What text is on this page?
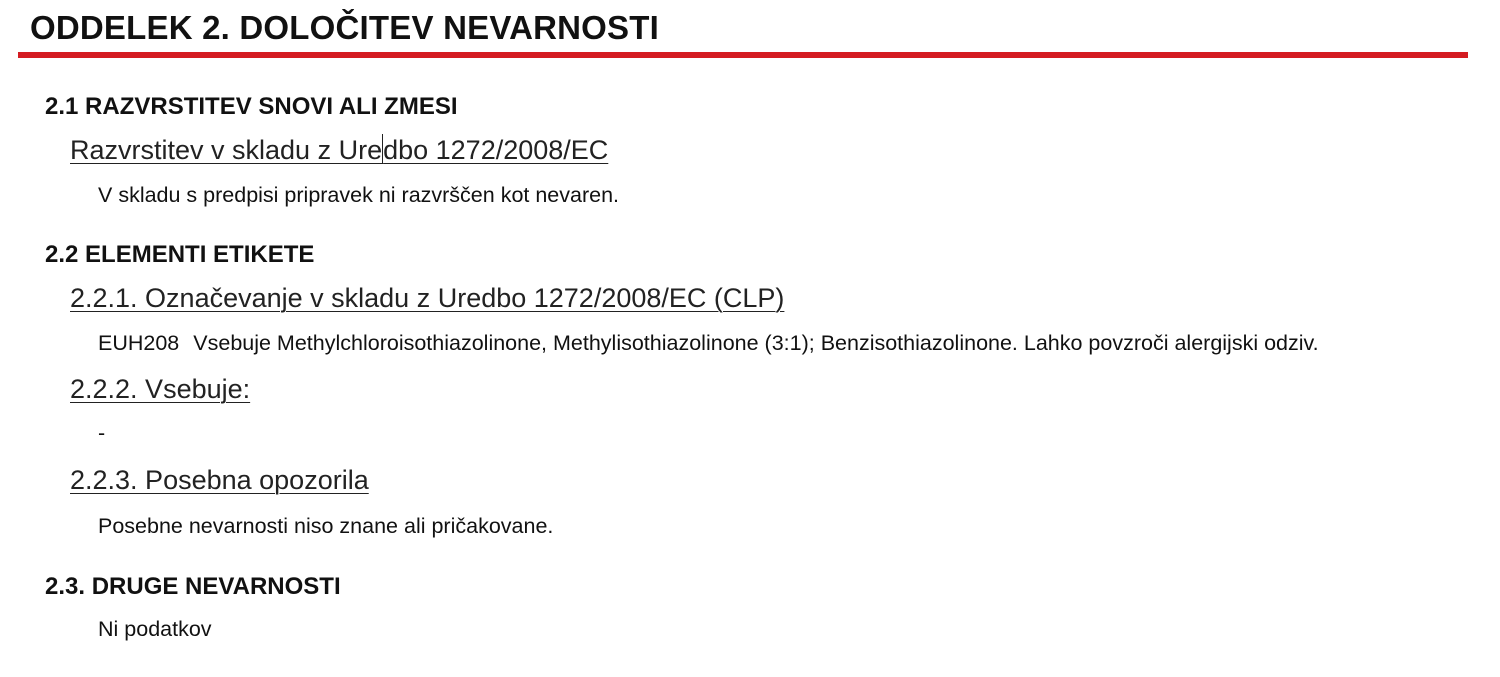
ODDELEK 2. DOLOČITEV NEVARNOSTI
2.1 RAZVRSTITEV SNOVI ALI ZMESI
Razvrstitev v skladu z Uredbo 1272/2008/EC

V skladu s predpisi pripravek ni razvrščen kot nevaren.

2.2 ELEMENTI ETIKETE
2.2.1. Označevanje v skladu z Uredbo 1272/2008/EC (CLP)

EUH208 Vsebuje Methylchloroisothiazolinone, Methylisothiazolinone (3:1); Benzisothiazolinone. Lahko povzroči alergijski odziv.

2.2.2. Vsebuje:

-

2.2.3. Posebna opozorila

Posebne nevarnosti niso znane ali pričakovane.

2.3. DRUGE NEVARNOSTI

Ni podatkov
